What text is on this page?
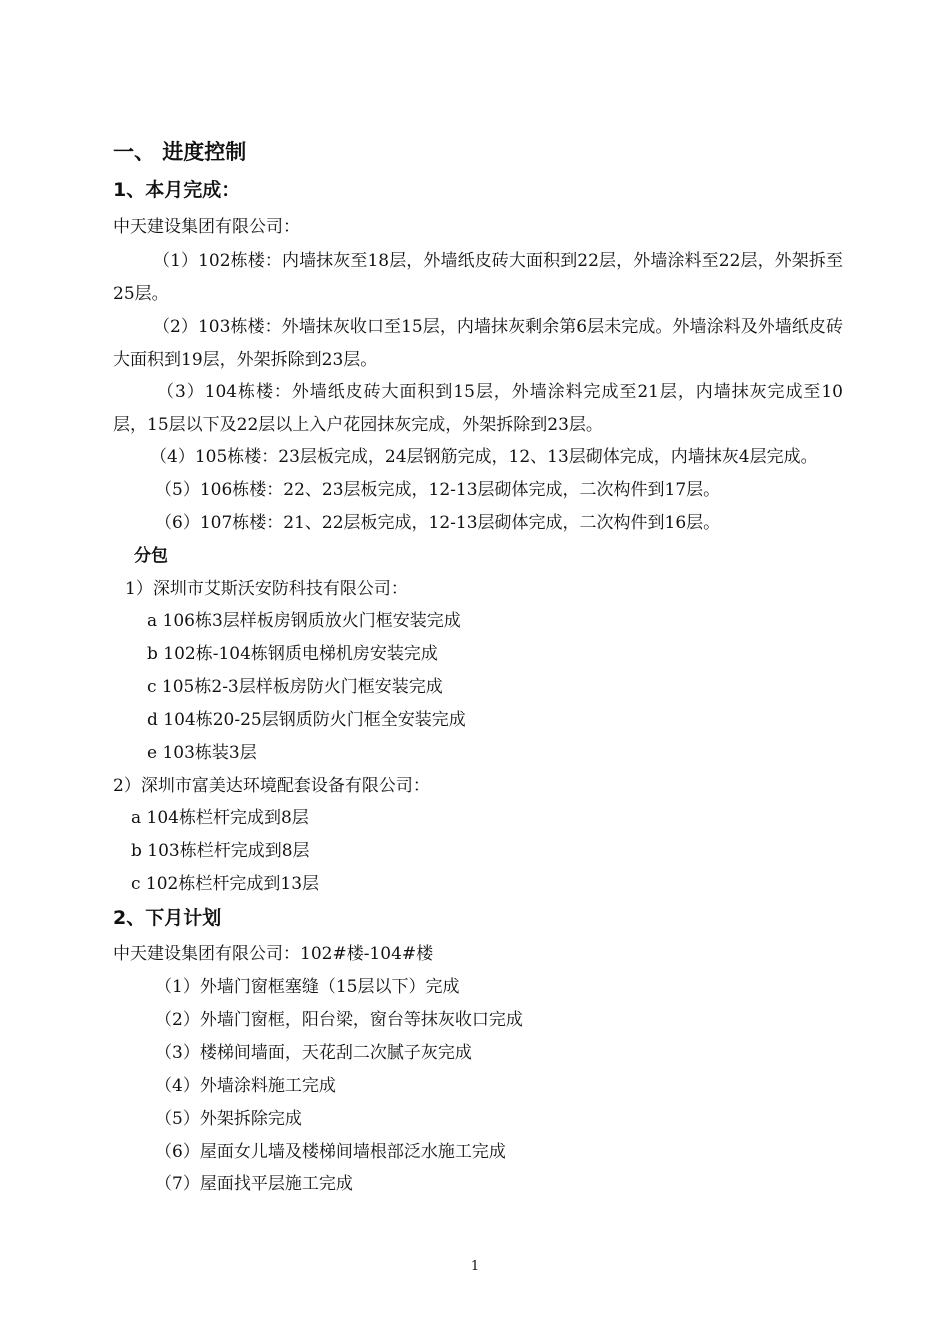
一、 进度控制
1、本月完成：
中天建设集团有限公司：
（1）102栋楼：内墙抹灰至18层，外墙纸皮砖大面积到22层，外墙涂料至22层，外架拆至25层。
（2）103栋楼：外墙抹灰收口至15层，内墙抹灰剩余第6层未完成。外墙涂料及外墙纸皮砖大面积到19层，外架拆除到23层。
（3）104栋楼：外墙纸皮砖大面积到15层，外墙涂料完成至21层，内墙抹灰完成至10层，15层以下及22层以上入户花园抹灰完成，外架拆除到23层。
（4）105栋楼：23层板完成，24层钢筋完成，12、13层砌体完成，内墙抹灰4层完成。
（5）106栋楼：22、23层板完成，12-13层砌体完成，二次构件到17层。
（6）107栋楼：21、22层板完成，12-13层砌体完成，二次构件到16层。
分包
1）深圳市艾斯沃安防科技有限公司：
a 106栋3层样板房钢质放火门框安装完成
b 102栋-104栋钢质电梯机房安装完成
c 105栋2-3层样板房防火门框安装完成
d 104栋20-25层钢质防火门框全安装完成
e 103栋装3层
2）深圳市富美达环境配套设备有限公司：
a 104栋栏杆完成到8层
b 103栋栏杆完成到8层
c 102栋栏杆完成到13层
2、下月计划
中天建设集团有限公司：102#楼-104#楼
（1）外墙门窗框塞缝（15层以下）完成
（2）外墙门窗框，阳台梁，窗台等抹灰收口完成
（3）楼梯间墙面，天花刮二次腻子灰完成
（4）外墙涂料施工完成
（5）外架拆除完成
（6）屋面女儿墙及楼梯间墙根部泛水施工完成
（7）屋面找平层施工完成
1
